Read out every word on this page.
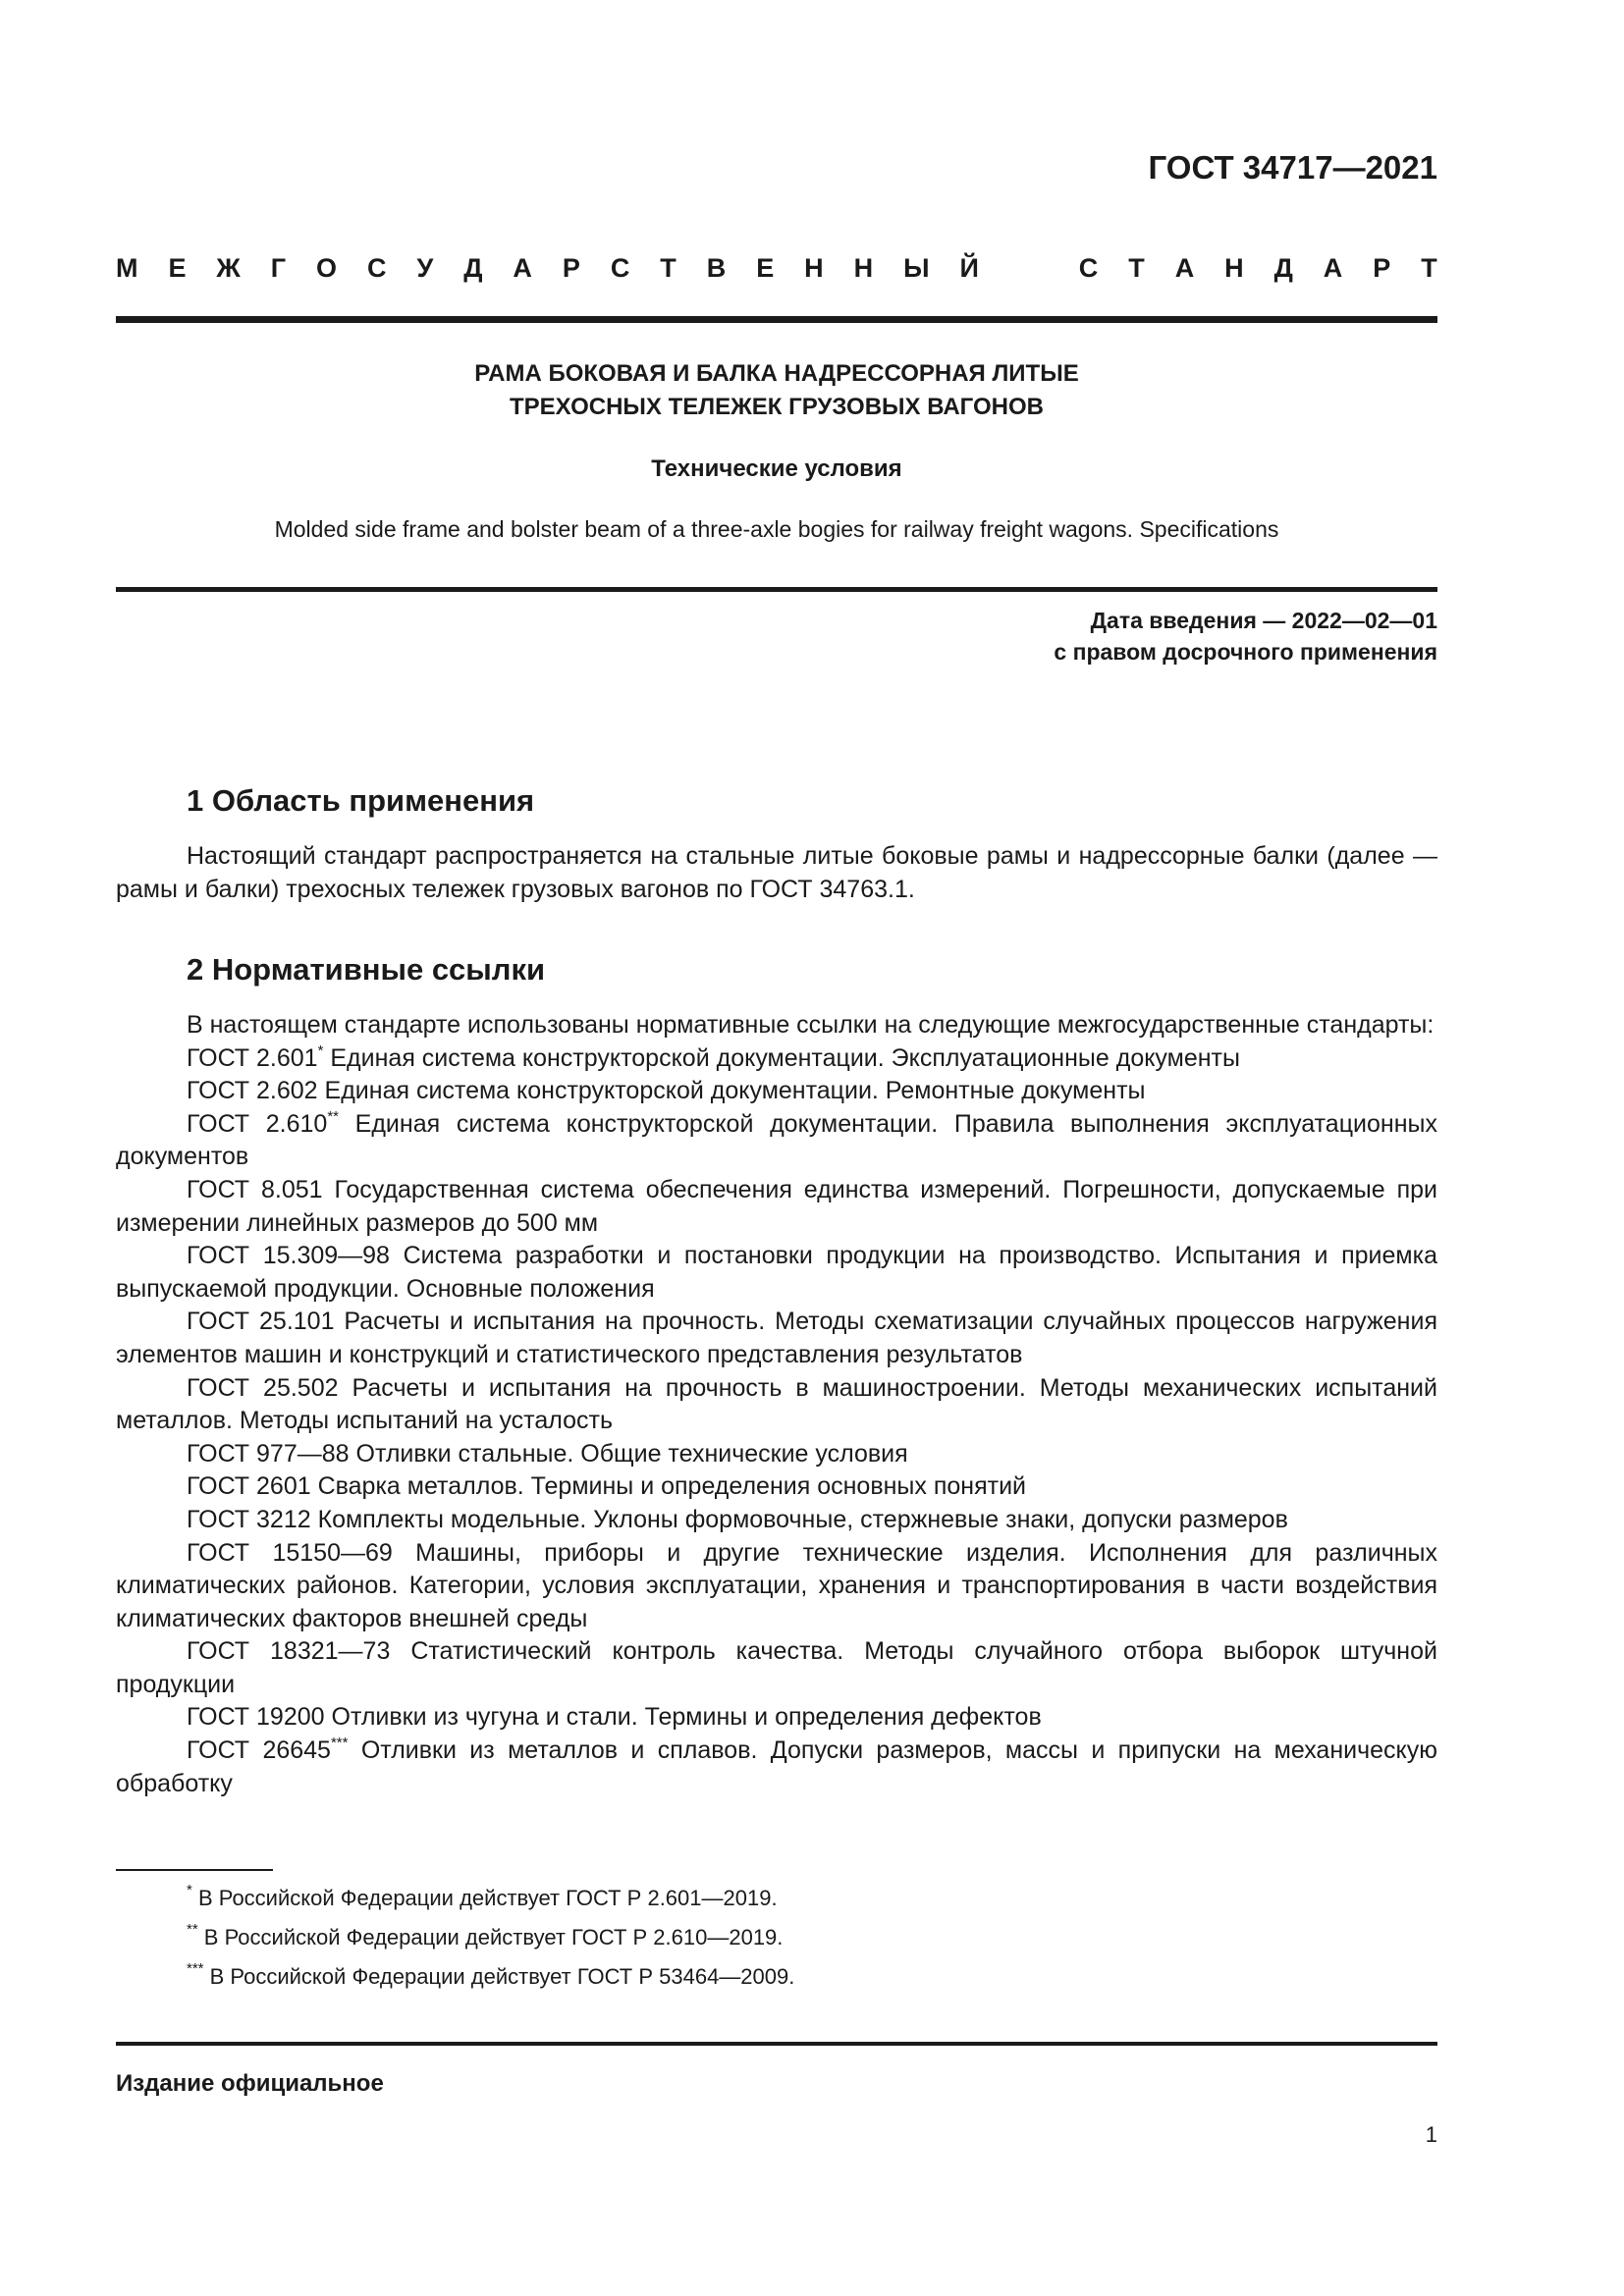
ГОСТ 34717—2021
М Е Ж Г О С У Д А Р С Т В Е Н Н Ы Й	С Т А Н Д А Р Т
РАМА БОКОВАЯ И БАЛКА НАДРЕССОРНАЯ ЛИТЫЕ
ТРЕХОСНЫХ ТЕЛЕЖЕК ГРУЗОВЫХ ВАГОНОВ
Технические условия
Molded side frame and bolster beam of a three-axle bogies for railway freight wagons. Specifications
Дата введения — 2022—02—01
с правом досрочного применения
1 Область применения

Настоящий стандарт распространяется на стальные литые боковые рамы и надрессорные балки (далее — рамы и балки) трехосных тележек грузовых вагонов по ГОСТ 34763.1.

2 Нормативные ссылки

В настоящем стандарте использованы нормативные ссылки на следующие межгосударственные стандарты:

ГОСТ 2.601* Единая система конструкторской документации. Эксплуатационные документы

ГОСТ 2.602 Единая система конструкторской документации. Ремонтные документы

ГОСТ 2.610** Единая система конструкторской документации. Правила выполнения эксплуатационных документов

ГОСТ 8.051 Государственная система обеспечения единства измерений. Погрешности, допускаемые при измерении линейных размеров до 500 мм

ГОСТ 15.309—98 Система разработки и постановки продукции на производство. Испытания и приемка выпускаемой продукции. Основные положения

ГОСТ 25.101 Расчеты и испытания на прочность. Методы схематизации случайных процессов нагружения элементов машин и конструкций и статистического представления результатов

ГОСТ 25.502 Расчеты и испытания на прочность в машиностроении. Методы механических испытаний металлов. Методы испытаний на усталость

ГОСТ 977—88 Отливки стальные. Общие технические условия

ГОСТ 2601 Сварка металлов. Термины и определения основных понятий

ГОСТ 3212 Комплекты модельные. Уклоны формовочные, стержневые знаки, допуски размеров

ГОСТ 15150—69 Машины, приборы и другие технические изделия. Исполнения для различных климатических районов. Категории, условия эксплуатации, хранения и транспортирования в части воздействия климатических факторов внешней среды

ГОСТ 18321—73 Статистический контроль качества. Методы случайного отбора выборок штучной продукции

ГОСТ 19200 Отливки из чугуна и стали. Термины и определения дефектов

ГОСТ 26645*** Отливки из металлов и сплавов. Допуски размеров, массы и припуски на механическую обработку

* В Российской Федерации действует ГОСТ Р 2.601—2019.
** В Российской Федерации действует ГОСТ Р 2.610—2019.
*** В Российской Федерации действует ГОСТ Р 53464—2009.
Издание официальное
1
